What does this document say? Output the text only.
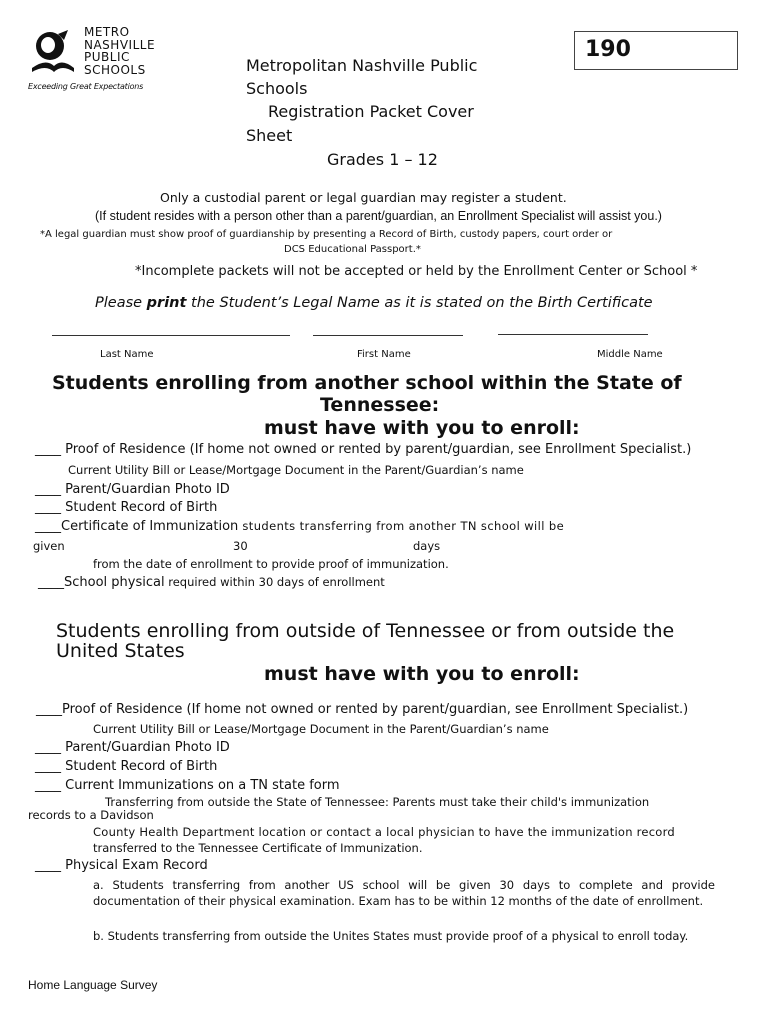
METRO
NASHVILLE
PUBLIC
SCHOOLS
Exceeding Great Expectations
190
Metropolitan Nashville Public
Schools
Registration Packet Cover
Sheet
Grades 1 – 12
Only a custodial parent or legal guardian may register a student.
(If student resides with a person other than a parent/guardian, an Enrollment Specialist will assist you.)
*A legal guardian must show proof of guardianship by presenting a Record of Birth, custody papers, court order or
DCS Educational Passport.*
*Incomplete packets will not be accepted or held by the Enrollment Center or School *
Please print the Student’s Legal Name as it is stated on the Birth Certificate
Last Name	First Name	Middle Name
Students enrolling from another school within the State of
Tennessee:
must have with you to enroll:
____ Proof of Residence (If home not owned or rented by parent/guardian, see Enrollment Specialist.)
Current Utility Bill or Lease/Mortgage Document in the Parent/Guardian’s name
____ Parent/Guardian Photo ID
____ Student Record of Birth
____Certificate of Immunization students transferring from another TN school will be
given	30	days
from the date of enrollment to provide proof of immunization.
____School physical required within 30 days of enrollment
Students enrolling from outside of Tennessee or from outside the
United States
must have with you to enroll:
____Proof of Residence (If home not owned or rented by parent/guardian, see Enrollment Specialist.)
Current Utility Bill or Lease/Mortgage Document in the Parent/Guardian’s name
____ Parent/Guardian Photo ID
____ Student Record of Birth
____ Current Immunizations on a TN state form
Transferring from outside the State of Tennessee: Parents must take their child's immunization
records to a Davidson
County Health Department location or contact a local physician to have the immunization record
transferred to the Tennessee Certificate of Immunization.
____ Physical Exam Record
a. Students transferring from another US school will be given 30 days to complete and provide documentation of their physical examination. Exam has to be within 12 months of the date of enrollment.
b. Students transferring from outside the Unites States must provide proof of a physical to enroll today.
Home Language Survey
